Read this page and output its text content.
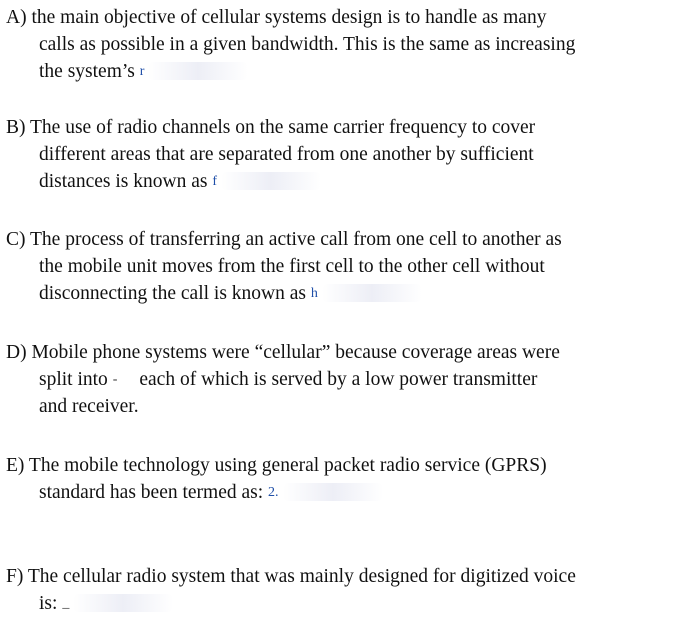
A) the main objective of cellular systems design is to handle as many
calls as possible in a given bandwidth. This is the same as increasing
the system’s r
B) The use of radio channels on the same carrier frequency to cover
different areas that are separated from one another by sufficient
distances is known as f
C) The process of transferring an active call from one cell to another as
the mobile unit moves from the first cell to the other cell without
disconnecting the call is known as h
D) Mobile phone systems were “cellular” because coverage areas were
split into - each of which is served by a low power transmitter
and receiver.
E) The mobile technology using general packet radio service (GPRS)
standard has been termed as: 2.
F) The cellular radio system that was mainly designed for digitized voice
is: _
